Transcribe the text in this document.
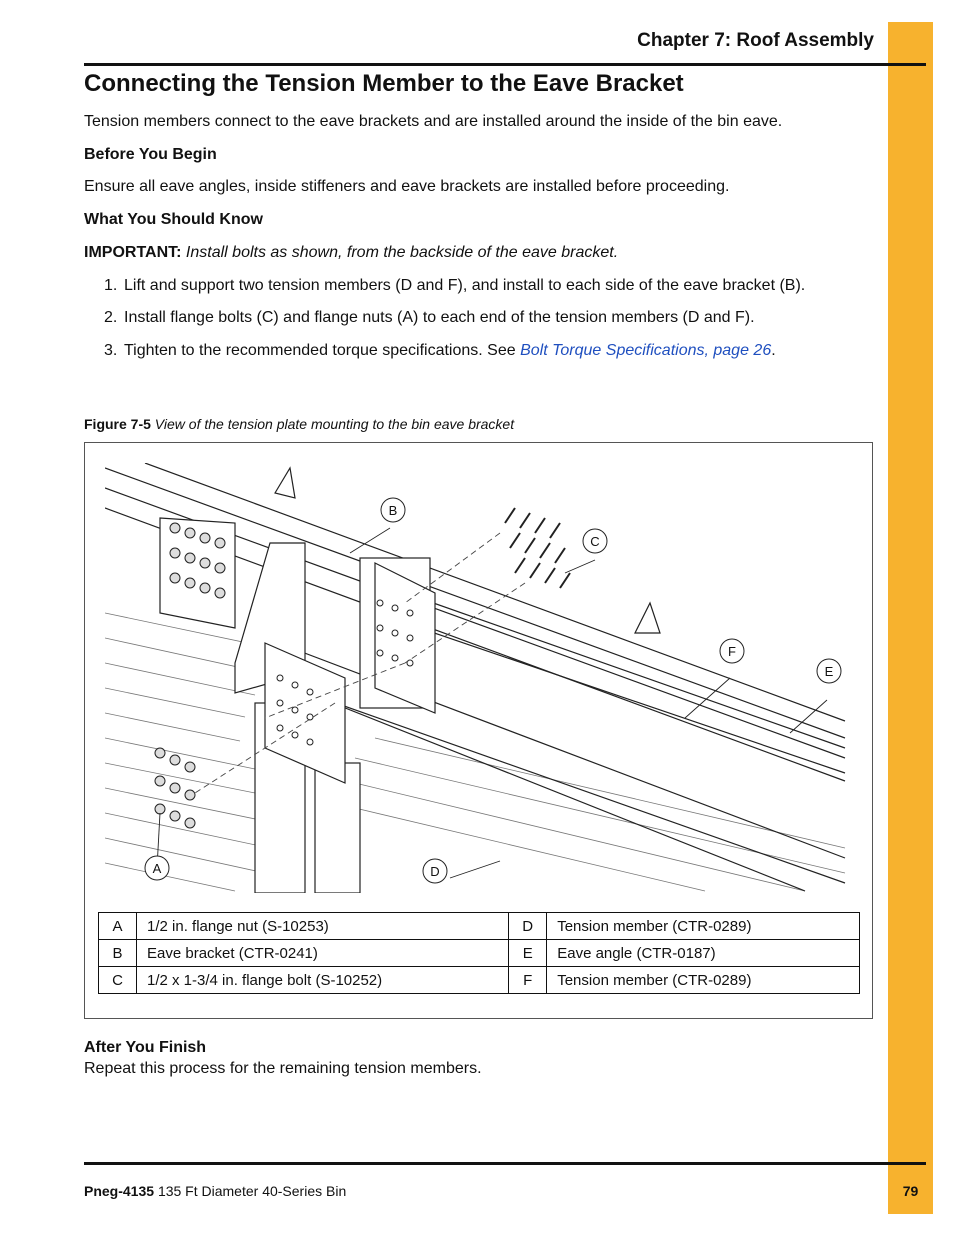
Chapter 7: Roof Assembly
Connecting the Tension Member to the Eave Bracket

Tension members connect to the eave brackets and are installed around the inside of the bin eave.

Before You Begin

Ensure all eave angles, inside stiffeners and eave brackets are installed before proceeding.

What You Should Know

IMPORTANT: Install bolts as shown, from the backside of the eave bracket.

1. Lift and support two tension members (D and F), and install to each side of the eave bracket (B).
2. Install flange bolts (C) and flange nuts (A) to each end of the tension members (D and F).
3. Tighten to the recommended torque specifications. See Bolt Torque Specifications, page 26.
Figure 7-5 View of the tension plate mounting to the bin eave bracket
B
C
F
E
A	D
A	1/2 in. flange nut (S-10253)	D	Tension member (CTR-0289)
B	Eave bracket (CTR-0241)	E	Eave angle (CTR-0187)
C	1/2 x 1-3/4 in. flange bolt (S-10252)	F	Tension member (CTR-0289)

After You Finish

Repeat this process for the remaining tension members.

Pneg-4135 135 Ft Diameter 40-Series Bin	79
